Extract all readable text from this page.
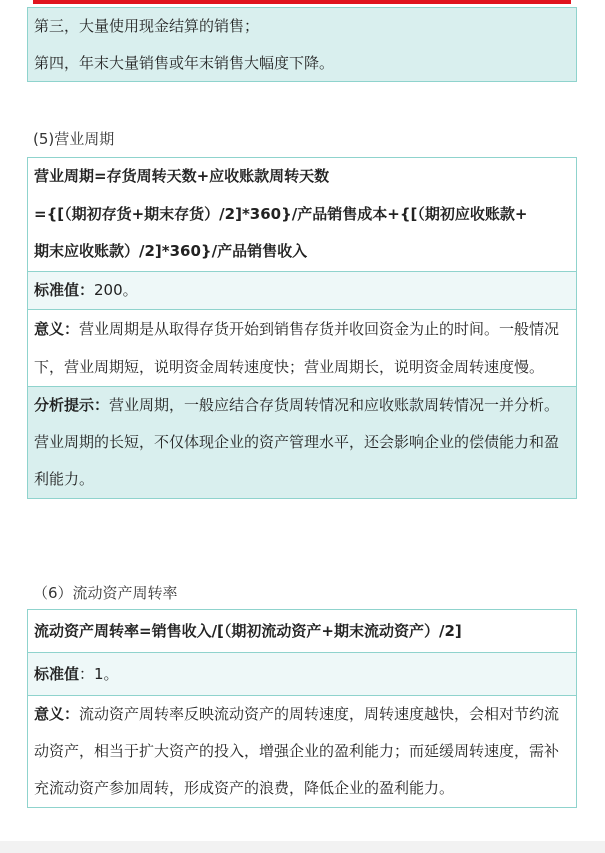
第三，大量使用现金结算的销售；
第四，年末大量销售或年末销售大幅度下降。
(5)营业周期
营业周期=存货周转天数+应收账款周转天数
={[（期初存货+期末存货）/2]*360}/产品销售成本+{[（期初应收账款+
期末应收账款）/2]*360}/产品销售收入
标准值：200。
意义：营业周期是从取得存货开始到销售存货并收回资金为止的时间。一般情况下，营业周期短，说明资金周转速度快；营业周期长，说明资金周转速度慢。
分析提示：营业周期，一般应结合存货周转情况和应收账款周转情况一并分析。营业周期的长短，不仅体现企业的资产管理水平，还会影响企业的偿债能力和盈利能力。
（6）流动资产周转率
流动资产周转率=销售收入/[（期初流动资产+期末流动资产）/2]
标准值：1。
意义：流动资产周转率反映流动资产的周转速度，周转速度越快，会相对节约流动资产，相当于扩大资产的投入，增强企业的盈利能力；而延缓周转速度，需补充流动资产参加周转，形成资产的浪费，降低企业的盈利能力。
